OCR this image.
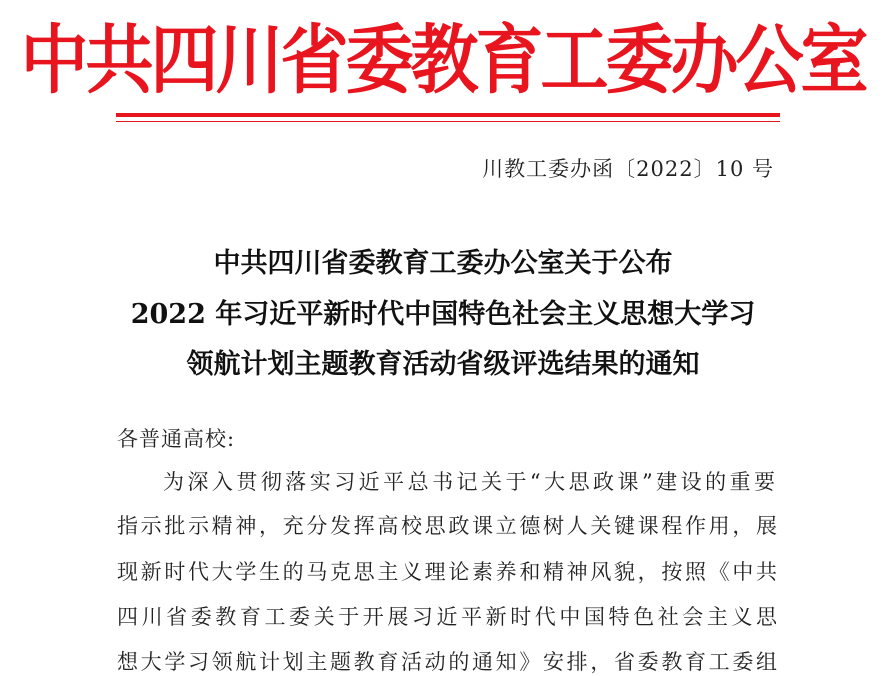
中共四川省委教育工委办公室
川教工委办函〔2022〕10 号
中共四川省委教育工委办公室关于公布
2022 年习近平新时代中国特色社会主义思想大学习
领航计划主题教育活动省级评选结果的通知
各普通高校:
为深入贯彻落实习近平总书记关于“大思政课”建设的重要
指示批示精神，充分发挥高校思政课立德树人关键课程作用，展
现新时代大学生的马克思主义理论素养和精神风貌，按照《中共
四川省委教育工委关于开展习近平新时代中国特色社会主义思
想大学习领航计划主题教育活动的通知》安排，省委教育工委组
